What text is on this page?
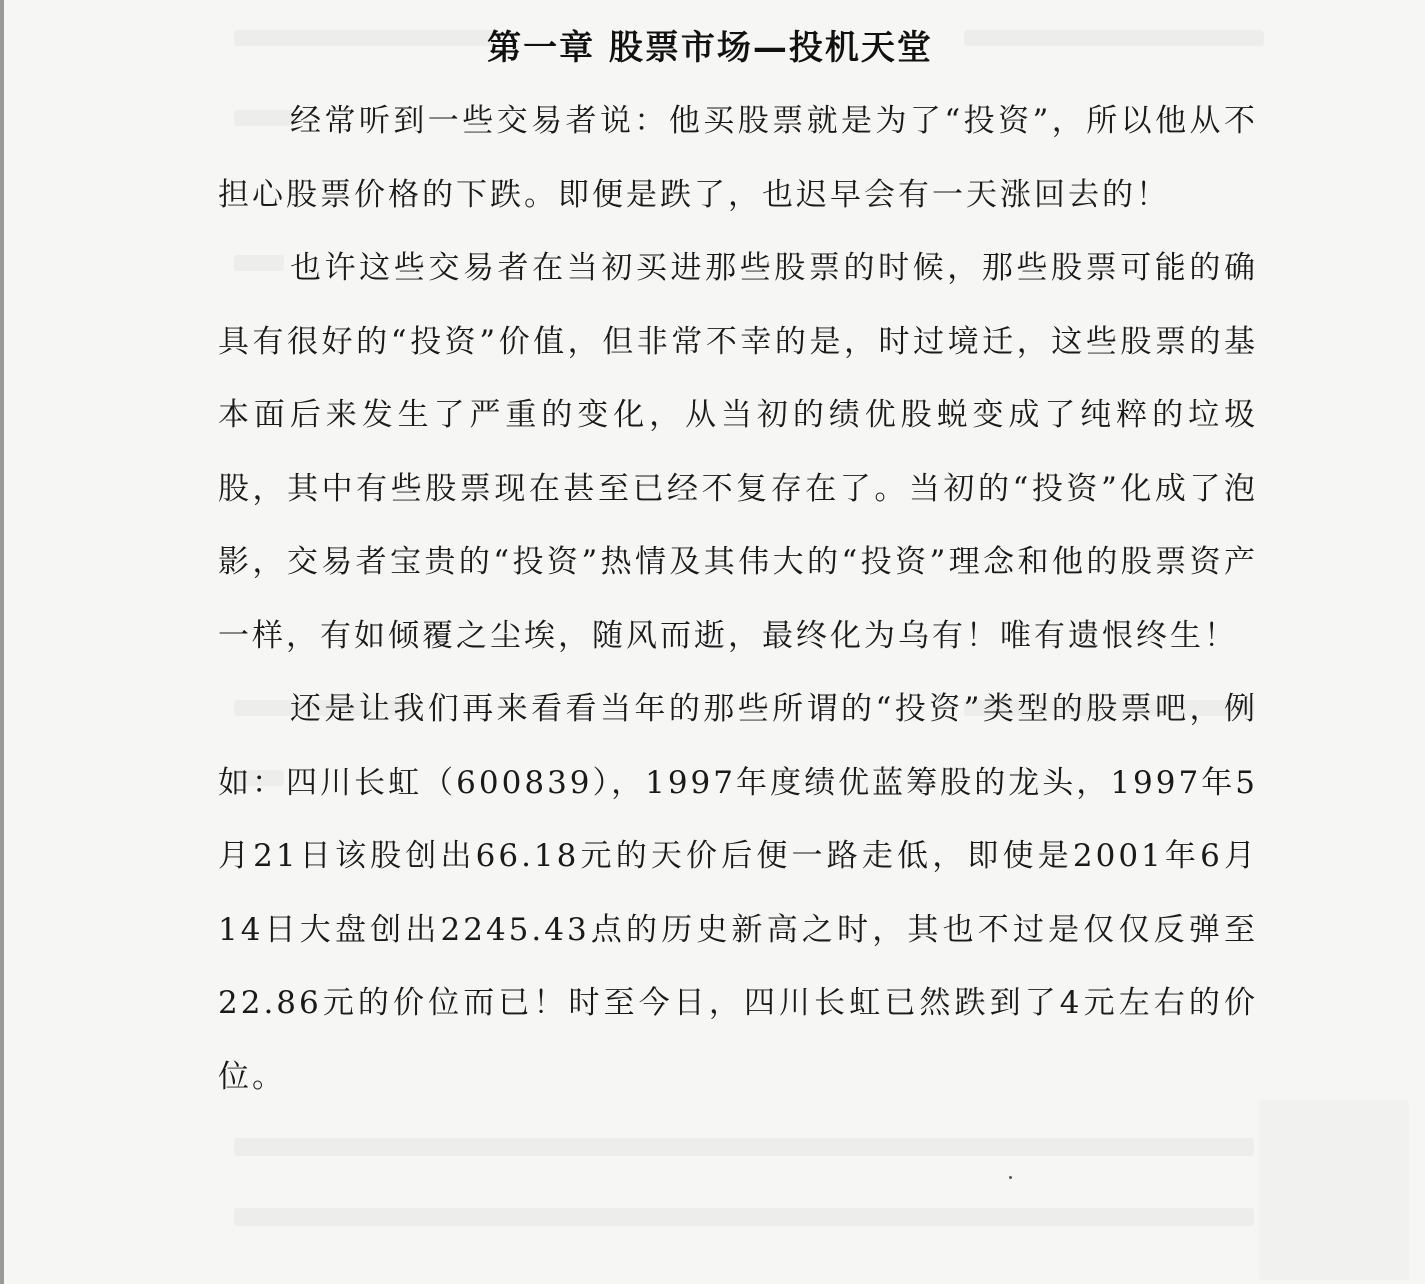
第一章 股票市场—投机天堂

经常听到一些交易者说：他买股票就是为了“投资”，所以他从不担心股票价格的下跌。即便是跌了，也迟早会有一天涨回去的！

也许这些交易者在当初买进那些股票的时候，那些股票可能的确具有很好的“投资”价值，但非常不幸的是，时过境迁，这些股票的基本面后来发生了严重的变化，从当初的绩优股蜕变成了纯粹的垃圾股，其中有些股票现在甚至已经不复存在了。当初的“投资”化成了泡影，交易者宝贵的“投资”热情及其伟大的“投资”理念和他的股票资产一样，有如倾覆之尘埃，随风而逝，最终化为乌有！唯有遗恨终生！

还是让我们再来看看当年的那些所谓的“投资”类型的股票吧，例如：四川长虹（600839），1997年度绩优蓝筹股的龙头，1997年5月21日该股创出66.18元的天价后便一路走低，即使是2001年6月14日大盘创出2245.43点的历史新高之时，其也不过是仅仅反弹至22.86元的价位而已！时至今日，四川长虹已然跌到了4元左右的价位。
